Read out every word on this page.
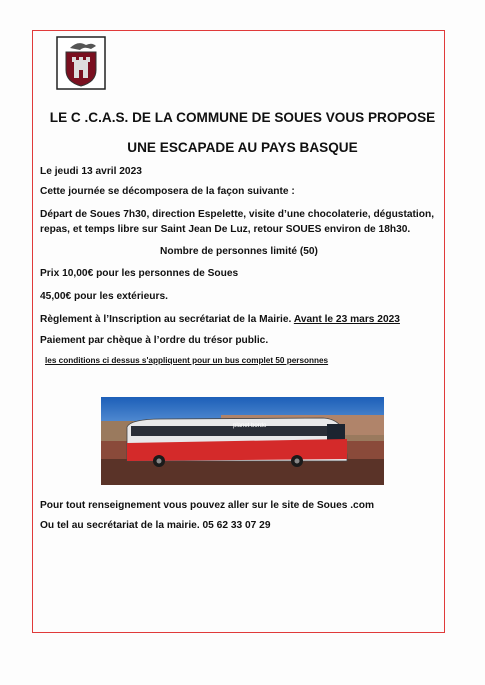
LE C .C.A.S. DE LA COMMUNE DE SOUES VOUS PROPOSE
UNE ESCAPADE AU PAYS BASQUE
Le jeudi 13 avril 2023
Cette journée se décomposera de la façon suivante :
Départ de Soues 7h30, direction Espelette, visite d’une chocolaterie, dégustation,
repas, et temps libre sur Saint Jean De Luz, retour SOUES environ de 18h30.
Nombre de personnes limité (50)
Prix 10,00€ pour les personnes de Soues
45,00€ pour les extérieurs.
Règlement à l’Inscription au secrétariat de la Mairie. Avant le 23 mars 2023
Paiement par chèque à l’ordre du trésor public.
les conditions ci dessus s'appliquent pour un bus complet 50 personnes
planet bordo
Pour tout renseignement vous pouvez aller sur le site de Soues .com
Ou tel au secrétariat de la mairie. 05 62 33 07 29
